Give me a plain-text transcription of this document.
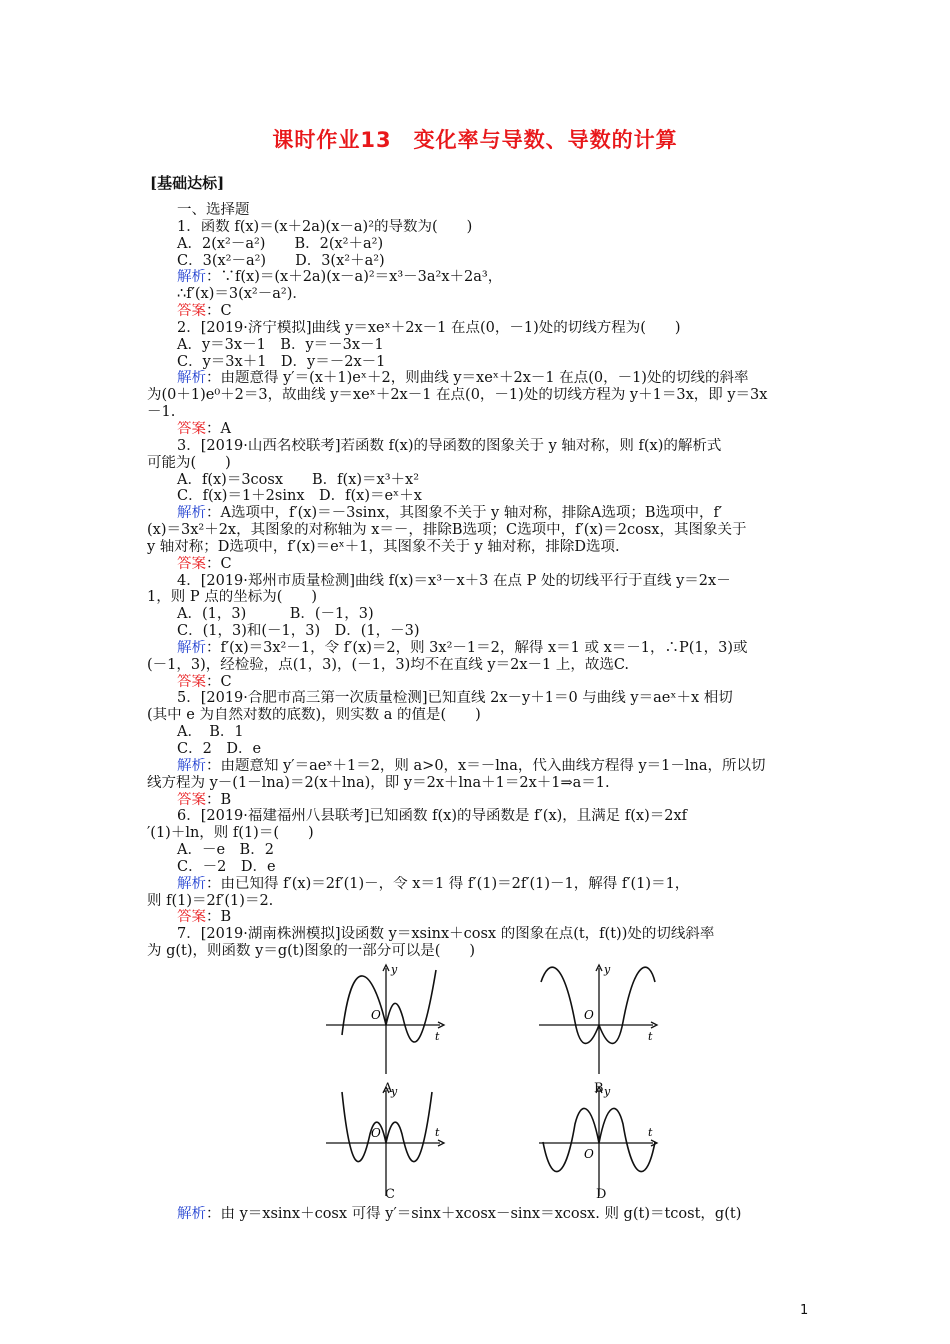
课时作业13　变化率与导数、导数的计算
[基础达标]
一、选择题
1．函数 f(x)＝(x＋2a)(x－a)²的导数为(　　)
A．2(x²－a²)　　B．2(x²＋a²)
C．3(x²－a²)　　D．3(x²＋a²)
解析：∵f(x)＝(x＋2a)(x－a)²＝x³－3a²x＋2a³，
∴f′(x)＝3(x²－a²)．
答案：C
2．[2019·济宁模拟]曲线 y＝xeˣ＋2x－1 在点(0，－1)处的切线方程为(　　)
A．y＝3x－1　B．y＝－3x－1
C．y＝3x＋1　D．y＝－2x－1
解析：由题意得 y′＝(x＋1)eˣ＋2，则曲线 y＝xeˣ＋2x－1 在点(0，－1)处的切线的斜率
为(0＋1)e⁰＋2＝3，故曲线 y＝xeˣ＋2x－1 在点(0，－1)处的切线方程为 y＋1＝3x，即 y＝3x
－1.
答案：A
3．[2019·山西名校联考]若函数 f(x)的导函数的图象关于 y 轴对称，则 f(x)的解析式
可能为(　　)
A．f(x)＝3cosx　　B．f(x)＝x³＋x²
C．f(x)＝1＋2sinx　D．f(x)＝eˣ＋x
解析：A选项中，f′(x)＝－3sinx，其图象不关于 y 轴对称，排除A选项；B选项中，f′
(x)＝3x²＋2x，其图象的对称轴为 x＝－，排除B选项；C选项中，f′(x)＝2cosx，其图象关于
y 轴对称；D选项中，f′(x)＝eˣ＋1，其图象不关于 y 轴对称，排除D选项.
答案：C
4．[2019·郑州市质量检测]曲线 f(x)＝x³－x＋3 在点 P 处的切线平行于直线 y＝2x－
1，则 P 点的坐标为(　　)
A．(1，3)　　　B．(－1，3)
C．(1，3)和(－1，3)　D．(1，－3)
解析：f′(x)＝3x²－1，令 f′(x)＝2，则 3x²－1＝2，解得 x＝1 或 x＝－1，∴P(1，3)或
(－1，3)，经检验，点(1，3)，(－1，3)均不在直线 y＝2x－1 上，故选C.
答案：C
5．[2019·合肥市高三第一次质量检测]已知直线 2x－y＋1＝0 与曲线 y＝aeˣ＋x 相切
(其中 e 为自然对数的底数)，则实数 a 的值是(　　)
A．　B．1
C．2　D．e
解析：由题意知 y′＝aeˣ＋1＝2，则 a>0，x＝－lna，代入曲线方程得 y＝1－lna，所以切
线方程为 y－(1－lna)＝2(x＋lna)，即 y＝2x＋lna＋1＝2x＋1⇒a＝1.
答案：B
6．[2019·福建福州八县联考]已知函数 f(x)的导函数是 f′(x)，且满足 f(x)＝2xf
′(1)＋ln，则 f(1)＝(　　)
A．－e　B．2
C．－2　D．e
解析：由已知得 f′(x)＝2f′(1)－，令 x＝1 得 f′(1)＝2f′(1)－1，解得 f′(1)＝1，
则 f(1)＝2f′(1)＝2.
答案：B
7．[2019·湖南株洲模拟]设函数 y＝xsinx＋cosx 的图象在点(t，f(t))处的切线斜率
为 g(t)，则函数 y＝g(t)图象的一部分可以是(　　)
y
t
O
A
y
t
O
B
y
t
O
C
y
t
O
D
解析：由 y＝xsinx＋cosx 可得 y′＝sinx＋xcosx－sinx＝xcosx. 则 g(t)＝tcost，g(t)
1
